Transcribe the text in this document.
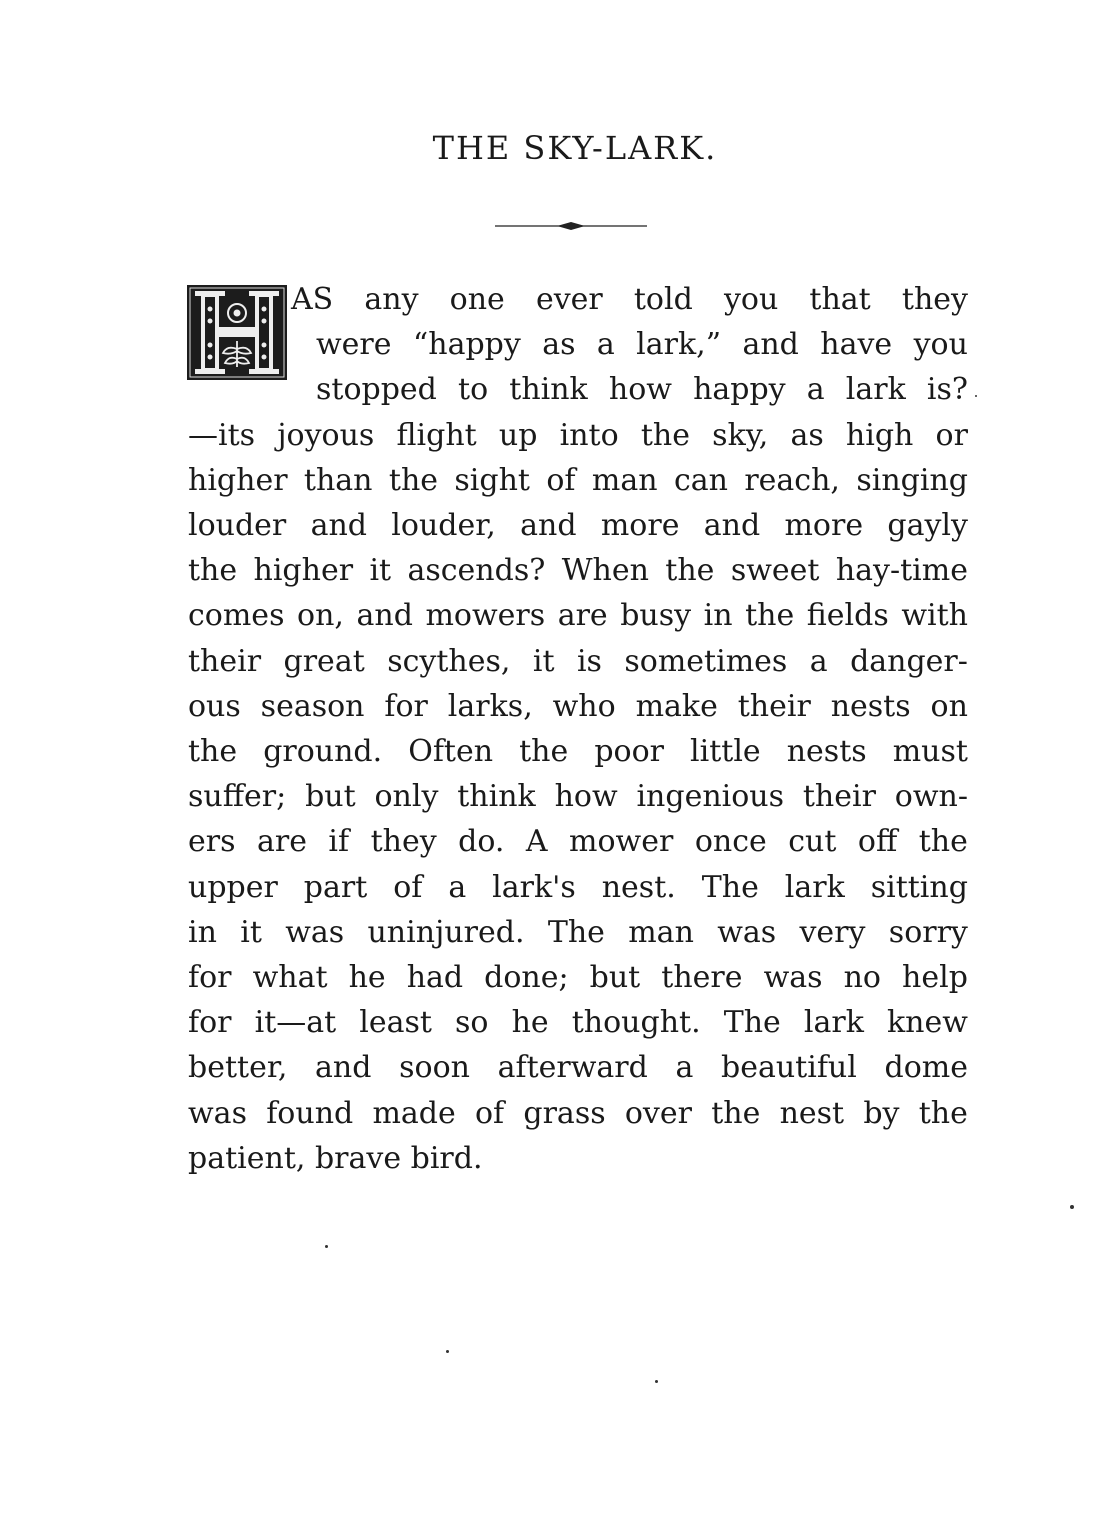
THE SKY-LARK.
AS any one ever told you that they
were “happy as a lark,” and have you
stopped to think how happy a lark is?
—its joyous flight up into the sky, as high or
higher than the sight of man can reach, singing
louder and louder, and more and more gayly
the higher it ascends? When the sweet hay-time
comes on, and mowers are busy in the fields with
their great scythes, it is sometimes a danger-
ous season for larks, who make their nests on
the ground. Often the poor little nests must
suffer; but only think how ingenious their own-
ers are if they do. A mower once cut off the
upper part of a lark's nest. The lark sitting
in it was uninjured. The man was very sorry
for what he had done; but there was no help
for it—at least so he thought. The lark knew
better, and soon afterward a beautiful dome
was found made of grass over the nest by the
patient, brave bird.
